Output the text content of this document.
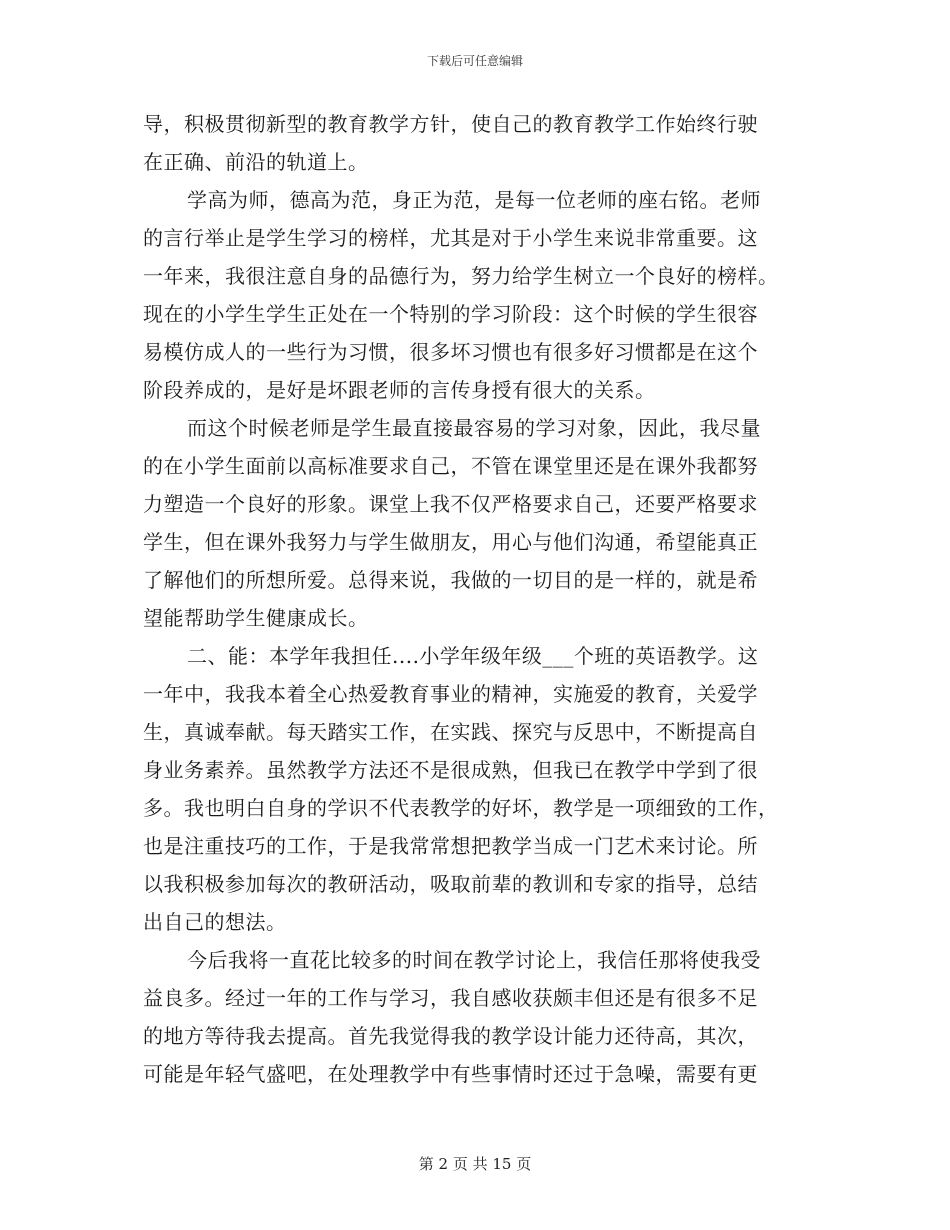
下载后可任意编辑
导，积极贯彻新型的教育教学方针，使自己的教育教学工作始终行驶
在正确、前沿的轨道上。
学高为师，德高为范，身正为范，是每一位老师的座右铭。老师
的言行举止是学生学习的榜样，尤其是对于小学生来说非常重要。这
一年来，我很注意自身的品德行为，努力给学生树立一个良好的榜样。
现在的小学生学生正处在一个特别的学习阶段：这个时候的学生很容
易模仿成人的一些行为习惯，很多坏习惯也有很多好习惯都是在这个
阶段养成的，是好是坏跟老师的言传身授有很大的关系。
而这个时候老师是学生最直接最容易的学习对象，因此，我尽量
的在小学生面前以高标准要求自己，不管在课堂里还是在课外我都努
力塑造一个良好的形象。课堂上我不仅严格要求自己，还要严格要求
学生，但在课外我努力与学生做朋友，用心与他们沟通，希望能真正
了解他们的所想所爱。总得来说，我做的一切目的是一样的，就是希
望能帮助学生健康成长。
二、能：本学年我担任....小学年级年级___个班的英语教学。这
一年中，我我本着全心热爱教育事业的精神，实施爱的教育，关爱学
生，真诚奉献。每天踏实工作，在实践、探究与反思中，不断提高自
身业务素养。虽然教学方法还不是很成熟，但我已在教学中学到了很
多。我也明白自身的学识不代表教学的好坏，教学是一项细致的工作，
也是注重技巧的工作，于是我常常想把教学当成一门艺术来讨论。所
以我积极参加每次的教研活动，吸取前辈的教训和专家的指导，总结
出自己的想法。
今后我将一直花比较多的时间在教学讨论上，我信任那将使我受
益良多。经过一年的工作与学习，我自感收获颇丰但还是有很多不足
的地方等待我去提高。首先我觉得我的教学设计能力还待高，其次，
可能是年轻气盛吧，在处理教学中有些事情时还过于急噪，需要有更
第 2 页 共 15 页
